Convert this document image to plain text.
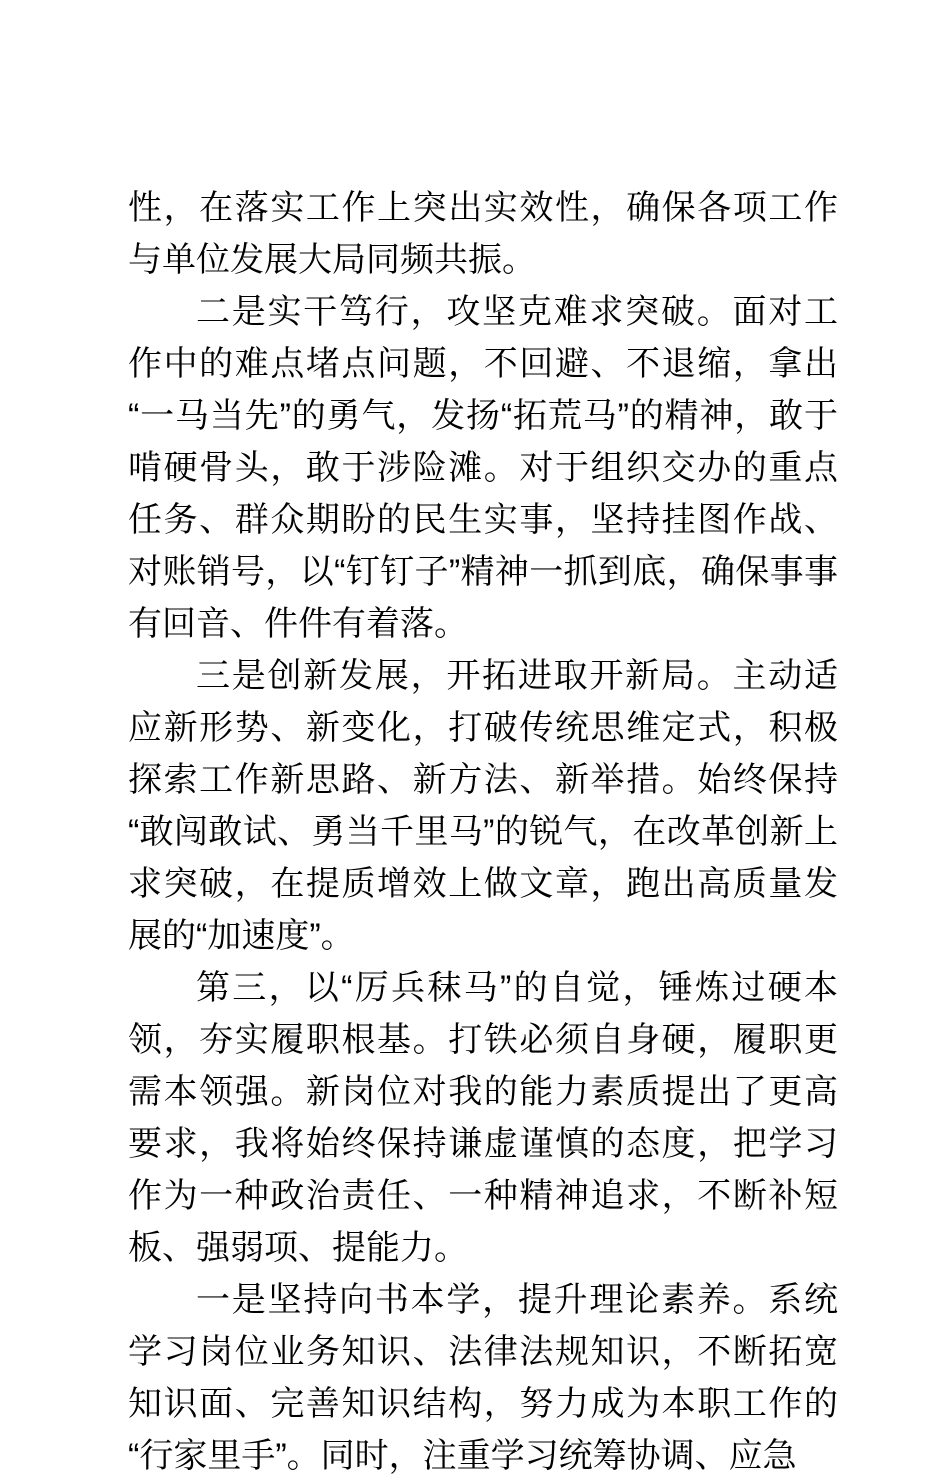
性，在落实工作上突出实效性，确保各项工作与单位发展大局同频共振。

二是实干笃行，攻坚克难求突破。面对工作中的难点堵点问题，不回避、不退缩，拿出“一马当先”的勇气，发扬“拓荒马”的精神，敢于啃硬骨头，敢于涉险滩。对于组织交办的重点任务、群众期盼的民生实事，坚持挂图作战、对账销号，以“钉钉子”精神一抓到底，确保事事有回音、件件有着落。

三是创新发展，开拓进取开新局。主动适应新形势、新变化，打破传统思维定式，积极探索工作新思路、新方法、新举措。始终保持“敢闯敢试、勇当千里马”的锐气，在改革创新上求突破，在提质增效上做文章，跑出高质量发展的“加速度”。

第三，以“厉兵秣马”的自觉，锤炼过硬本领，夯实履职根基。打铁必须自身硬，履职更需本领强。新岗位对我的能力素质提出了更高要求，我将始终保持谦虚谨慎的态度，把学习作为一种政治责任、一种精神追求，不断补短板、强弱项、提能力。

一是坚持向书本学，提升理论素养。系统学习岗位业务知识、法律法规知识，不断拓宽知识面、完善知识结构，努力成为本职工作的“行家里手”。同时，注重学习统筹协调、应急
